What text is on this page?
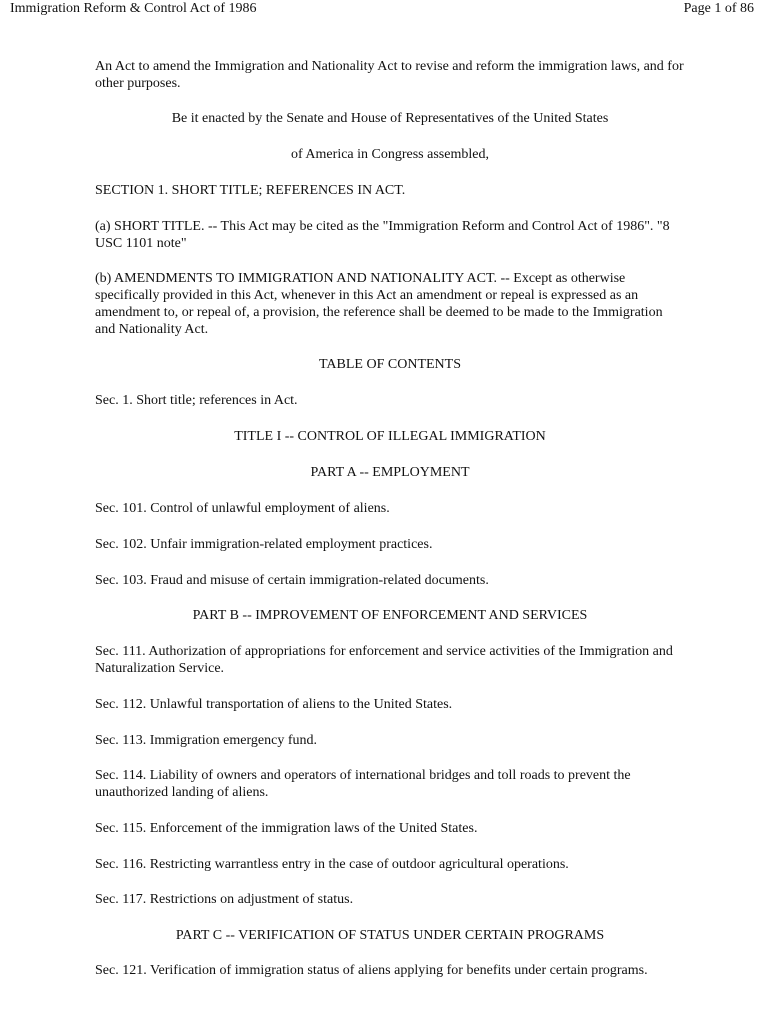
Immigration Reform & Control Act of 1986	Page 1 of 86

An Act to amend the Immigration and Nationality Act to revise and reform the immigration laws, and for other purposes.

Be it enacted by the Senate and House of Representatives of the United States

of America in Congress assembled,

SECTION 1. SHORT TITLE; REFERENCES IN ACT.

(a) SHORT TITLE. -- This Act may be cited as the "Immigration Reform and Control Act of 1986". "8 USC 1101 note"

(b) AMENDMENTS TO IMMIGRATION AND NATIONALITY ACT. -- Except as otherwise specifically provided in this Act, whenever in this Act an amendment or repeal is expressed as an amendment to, or repeal of, a provision, the reference shall be deemed to be made to the Immigration and Nationality Act.

TABLE OF CONTENTS

Sec. 1. Short title; references in Act.

TITLE I -- CONTROL OF ILLEGAL IMMIGRATION

PART A -- EMPLOYMENT

Sec. 101. Control of unlawful employment of aliens.

Sec. 102. Unfair immigration-related employment practices.

Sec. 103. Fraud and misuse of certain immigration-related documents.

PART B -- IMPROVEMENT OF ENFORCEMENT AND SERVICES

Sec. 111. Authorization of appropriations for enforcement and service activities of the Immigration and Naturalization Service.

Sec. 112. Unlawful transportation of aliens to the United States.

Sec. 113. Immigration emergency fund.

Sec. 114. Liability of owners and operators of international bridges and toll roads to prevent the unauthorized landing of aliens.

Sec. 115. Enforcement of the immigration laws of the United States.

Sec. 116. Restricting warrantless entry in the case of outdoor agricultural operations.

Sec. 117. Restrictions on adjustment of status.

PART C -- VERIFICATION OF STATUS UNDER CERTAIN PROGRAMS

Sec. 121. Verification of immigration status of aliens applying for benefits under certain programs.
